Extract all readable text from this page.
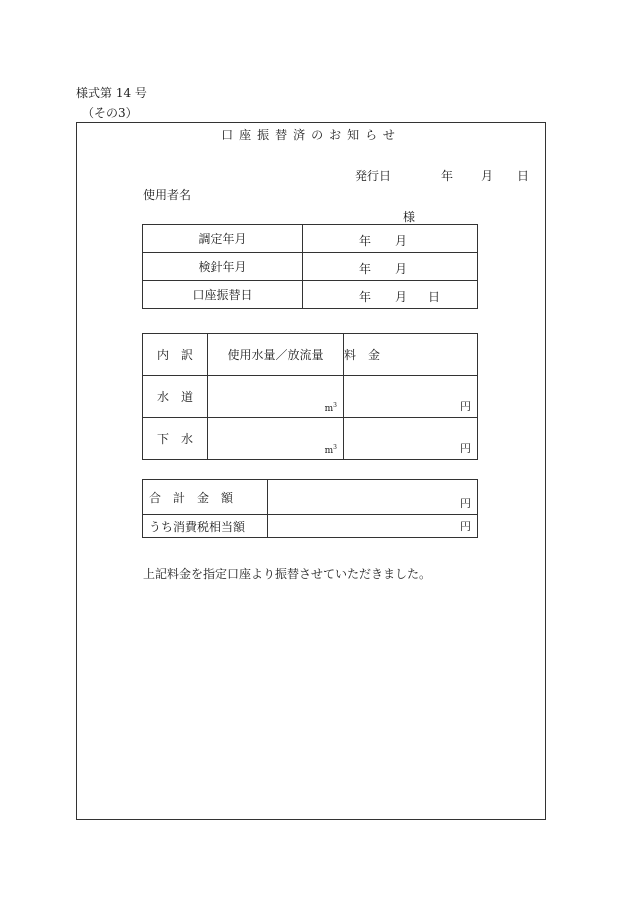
様式第 14 号
（その3）
口座振替済のお知らせ
発行日	年 月 日
使用者名
様
調定年月	年 月

検針年月	年 月

口座振替日	年 月 日
内　訳	使用水量／放流量	料　金
水　道	$m^3$	円

下　水	$m^3$	円
合　計　金　額	円

うち消費税相当額	円
上記料金を指定口座より振替させていただきました。
